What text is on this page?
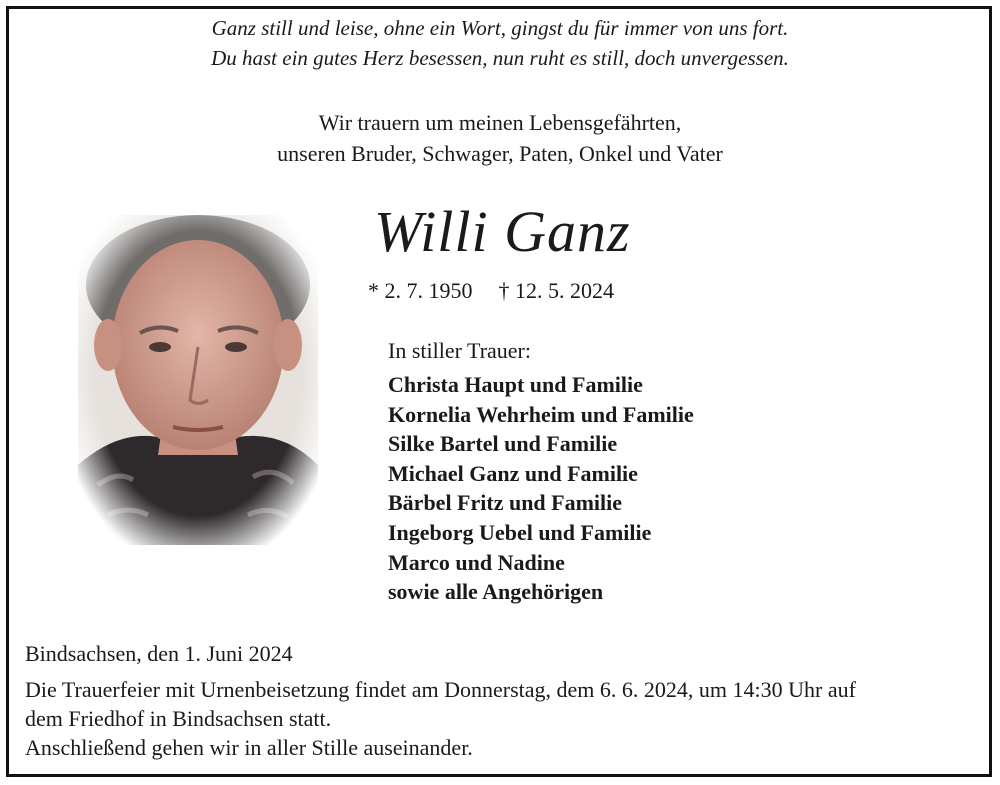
Ganz still und leise, ohne ein Wort, gingst du für immer von uns fort.
Du hast ein gutes Herz besessen, nun ruht es still, doch unvergessen.
Wir trauern um meinen Lebensgefährten,
unseren Bruder, Schwager, Paten, Onkel und Vater
Willi Ganz
* 2. 7. 1950 † 12. 5. 2024
In stiller Trauer:
Christa Haupt und Familie
Kornelia Wehrheim und Familie
Silke Bartel und Familie
Michael Ganz und Familie
Bärbel Fritz und Familie
Ingeborg Uebel und Familie
Marco und Nadine
sowie alle Angehörigen
Bindsachsen, den 1. Juni 2024

Die Trauerfeier mit Urnenbeisetzung findet am Donnerstag, dem 6. 6. 2024, um 14:30 Uhr auf

dem Friedhof in Bindsachsen statt.

Anschließend gehen wir in aller Stille auseinander.
